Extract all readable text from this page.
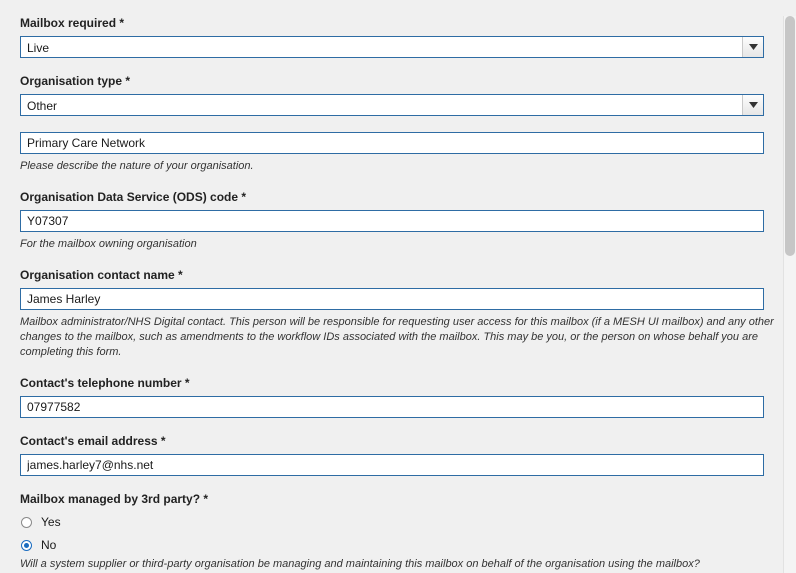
Mailbox required *
Live
Organisation type *
Other
Primary Care Network
Please describe the nature of your organisation.
Organisation Data Service (ODS) code *
Y07307
For the mailbox owning organisation
Organisation contact name *
James Harley
Mailbox administrator/NHS Digital contact. This person will be responsible for requesting user access for this mailbox (if a MESH UI mailbox) and any other changes to the mailbox, such as amendments to the workflow IDs associated with the mailbox. This may be you, or the person on whose behalf you are completing this form.
Contact's telephone number *
07977582
Contact's email address *
james.harley7@nhs.net
Mailbox managed by 3rd party? *
Yes
No
Will a system supplier or third-party organisation be managing and maintaining this mailbox on behalf of the organisation using the mailbox?
